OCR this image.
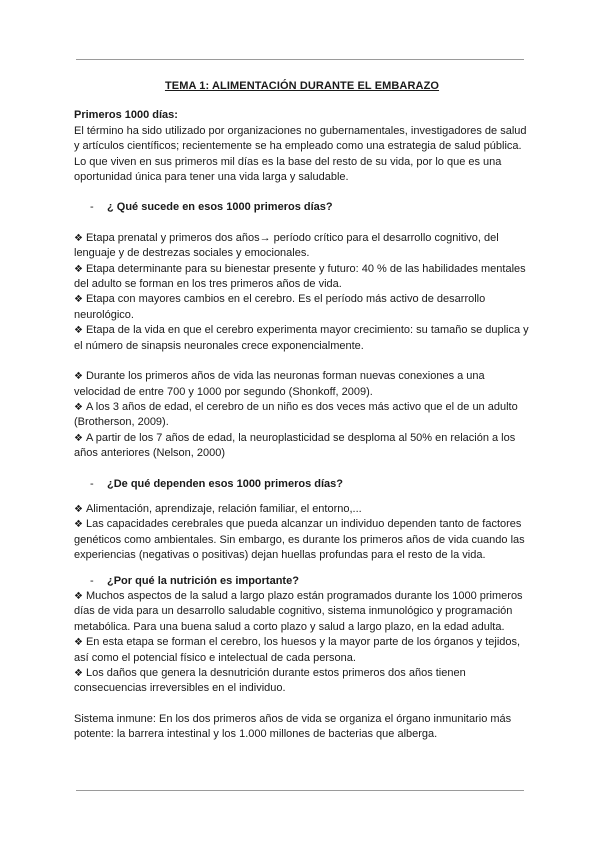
TEMA 1: ALIMENTACIÓN DURANTE EL EMBARAZO

Primeros 1000 días:

El término ha sido utilizado por organizaciones no gubernamentales, investigadores de salud y artículos científicos; recientemente se ha empleado como una estrategia de salud pública.

Lo que viven en sus primeros mil días es la base del resto de su vida, por lo que es una oportunidad única para tener una vida larga y saludable.

-	¿ Qué sucede en esos 1000 primeros días?

❖ Etapa prenatal y primeros dos años→ período crítico para el desarrollo cognitivo, del lenguaje y de destrezas sociales y emocionales.

❖ Etapa determinante para su bienestar presente y futuro: 40 % de las habilidades mentales del adulto se forman en los tres primeros años de vida.

❖ Etapa con mayores cambios en el cerebro. Es el período más activo de desarrollo neurológico.

❖ Etapa de la vida en que el cerebro experimenta mayor crecimiento: su tamaño se duplica y el número de sinapsis neuronales crece exponencialmente.

❖ Durante los primeros años de vida las neuronas forman nuevas conexiones a una velocidad de entre 700 y 1000 por segundo (Shonkoff, 2009).

❖ A los 3 años de edad, el cerebro de un niño es dos veces más activo que el de un adulto (Brotherson, 2009).

❖ A partir de los 7 años de edad, la neuroplasticidad se desploma al 50% en relación a los años anteriores (Nelson, 2000)

-	¿De qué dependen esos 1000 primeros días?

❖ Alimentación, aprendizaje, relación familiar, el entorno,...

❖ Las capacidades cerebrales que pueda alcanzar un individuo dependen tanto de factores genéticos como ambientales. Sin embargo, es durante los primeros años de vida cuando las experiencias (negativas o positivas) dejan huellas profundas para el resto de la vida.

-	¿Por qué la nutrición es importante?

❖ Muchos aspectos de la salud a largo plazo están programados durante los 1000 primeros días de vida para un desarrollo saludable cognitivo, sistema inmunológico y programación metabólica. Para una buena salud a corto plazo y salud a largo plazo, en la edad adulta.

❖ En esta etapa se forman el cerebro, los huesos y la mayor parte de los órganos y tejidos, así como el potencial físico e intelectual de cada persona.

❖ Los daños que genera la desnutrición durante estos primeros dos años tienen consecuencias irreversibles en el individuo.

Sistema inmune: En los dos primeros años de vida se organiza el órgano inmunitario más potente: la barrera intestinal y los 1.000 millones de bacterias que alberga.
